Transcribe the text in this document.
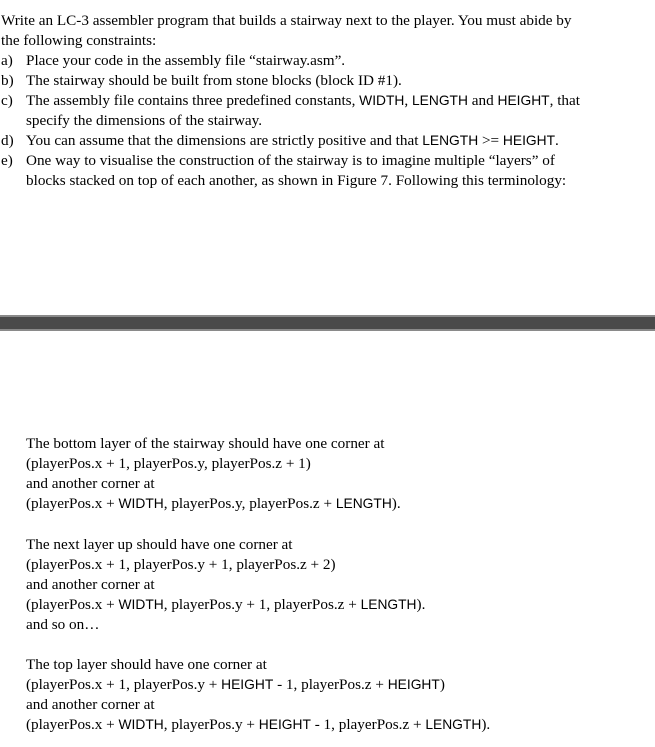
Write an LC-3 assembler program that builds a stairway next to the player. You must abide by
the following constraints:
a) Place your code in the assembly file “stairway.asm”.
b) The stairway should be built from stone blocks (block ID #1).
c) The assembly file contains three predefined constants, WIDTH, LENGTH and HEIGHT, that
specify the dimensions of the stairway.
d) You can assume that the dimensions are strictly positive and that LENGTH >= HEIGHT.
e) One way to visualise the construction of the stairway is to imagine multiple “layers” of
blocks stacked on top of each another, as shown in Figure 7. Following this terminology:
The bottom layer of the stairway should have one corner at
(playerPos.x + 1, playerPos.y, playerPos.z + 1)
and another corner at
(playerPos.x + WIDTH, playerPos.y, playerPos.z + LENGTH).
The next layer up should have one corner at
(playerPos.x + 1, playerPos.y + 1, playerPos.z + 2)
and another corner at
(playerPos.x + WIDTH, playerPos.y + 1, playerPos.z + LENGTH).
and so on…
The top layer should have one corner at
(playerPos.x + 1, playerPos.y + HEIGHT - 1, playerPos.z + HEIGHT)
and another corner at
(playerPos.x + WIDTH, playerPos.y + HEIGHT - 1, playerPos.z + LENGTH).
